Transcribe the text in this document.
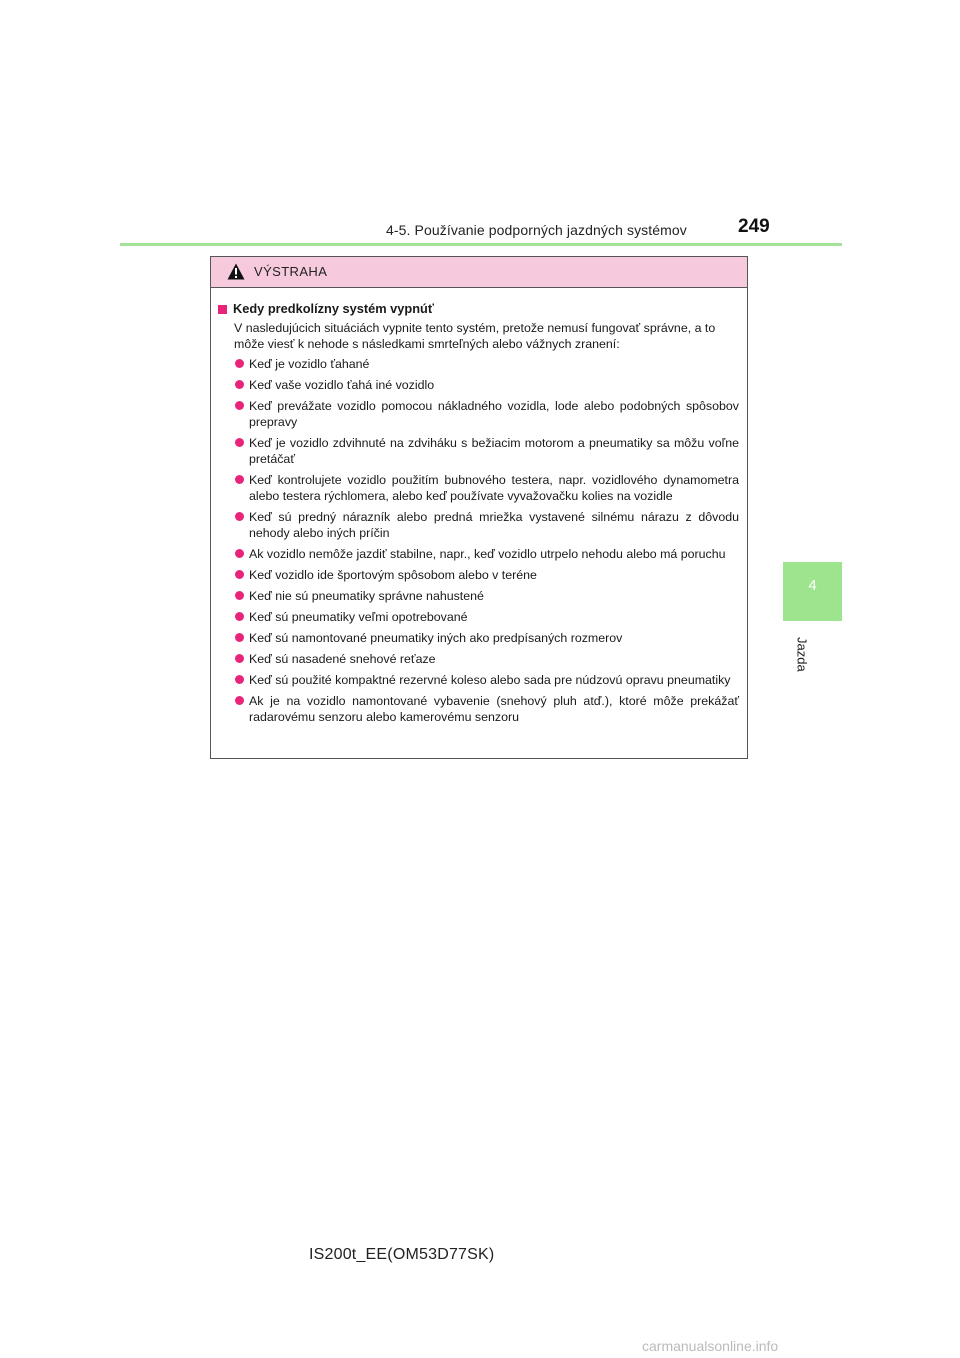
4-5. Používanie podporných jazdných systémov	249
4
Jazda
VÝSTRAHA
Kedy predkolízny systém vypnúť
V nasledujúcich situáciách vypnite tento systém, pretože nemusí fungovať správne, a to môže viesť k nehode s následkami smrteľných alebo vážnych zranení:
Keď je vozidlo ťahané
Keď vaše vozidlo ťahá iné vozidlo
Keď prevážate vozidlo pomocou nákladného vozidla, lode alebo podobných spôsobov prepravy
Keď je vozidlo zdvihnuté na zdviháku s bežiacim motorom a pneumatiky sa môžu voľne pretáčať
Keď kontrolujete vozidlo použitím bubnového testera, napr. vozidlového dynamometra alebo testera rýchlomera, alebo keď používate vyvažovačku kolies na vozidle
Keď sú predný nárazník alebo predná mriežka vystavené silnému nárazu z dôvodu nehody alebo iných príčin
Ak vozidlo nemôže jazdiť stabilne, napr., keď vozidlo utrpelo nehodu alebo má poruchu
Keď vozidlo ide športovým spôsobom alebo v teréne
Keď nie sú pneumatiky správne nahustené
Keď sú pneumatiky veľmi opotrebované
Keď sú namontované pneumatiky iných ako predpísaných rozmerov
Keď sú nasadené snehové reťaze
Keď sú použité kompaktné rezervné koleso alebo sada pre núdzovú opravu pneumatiky
Ak je na vozidlo namontované vybavenie (snehový pluh atď.), ktoré môže prekážať radarovému senzoru alebo kamerovému senzoru
IS200t_EE(OM53D77SK)
carmanualsonline.info
